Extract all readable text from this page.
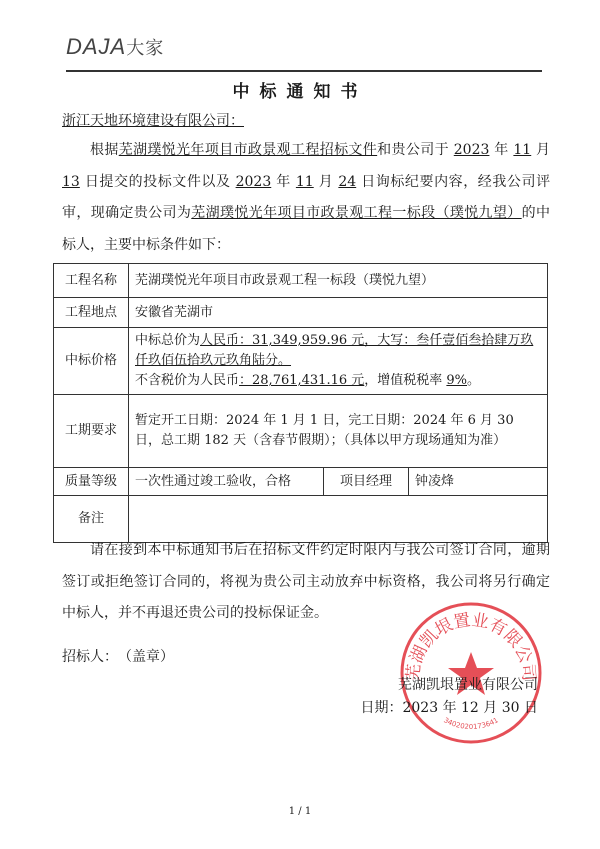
DAJA大家
中标通知书
浙江天地环境建设有限公司：
根据芜湖璞悦光年项目市政景观工程招标文件和贵公司于 2023 年 11 月 13 日提交的投标文件以及 2023 年 11 月 24 日询标纪要内容，经我公司评审，现确定贵公司为芜湖璞悦光年项目市政景观工程一标段（璞悦九望）的中标人，主要中标条件如下：
工程名称	芜湖璞悦光年项目市政景观工程一标段（璞悦九望）		
工程地点	安徽省芜湖市		
中标价格	中标总价为人民币：31,349,959.96 元，大写：叁仟壹佰叁拾肆万玖仟玖佰伍拾玖元玖角陆分。
不含税价为人民币：28,761,431.16 元，增值税税率 9%。		
工期要求	暂定开工日期：2024 年 1 月 1 日，完工日期：2024 年 6 月 30 日，总工期 182 天（含春节假期）；（具体以甲方现场通知为准）		
质量等级	一次性通过竣工验收，合格	项目经理	钟凌烽
备注			
请在接到本中标通知书后在招标文件约定时限内与我公司签订合同，逾期签订或拒绝签订合同的，将视为贵公司主动放弃中标资格，我公司将另行确定中标人，并不再退还贵公司的投标保证金。
招标人：　（盖章）
芜湖凯垠置业有限公司
3402020173641
芜湖凯垠置业有限公司
日期：2023 年 12 月 30 日
1 / 1
